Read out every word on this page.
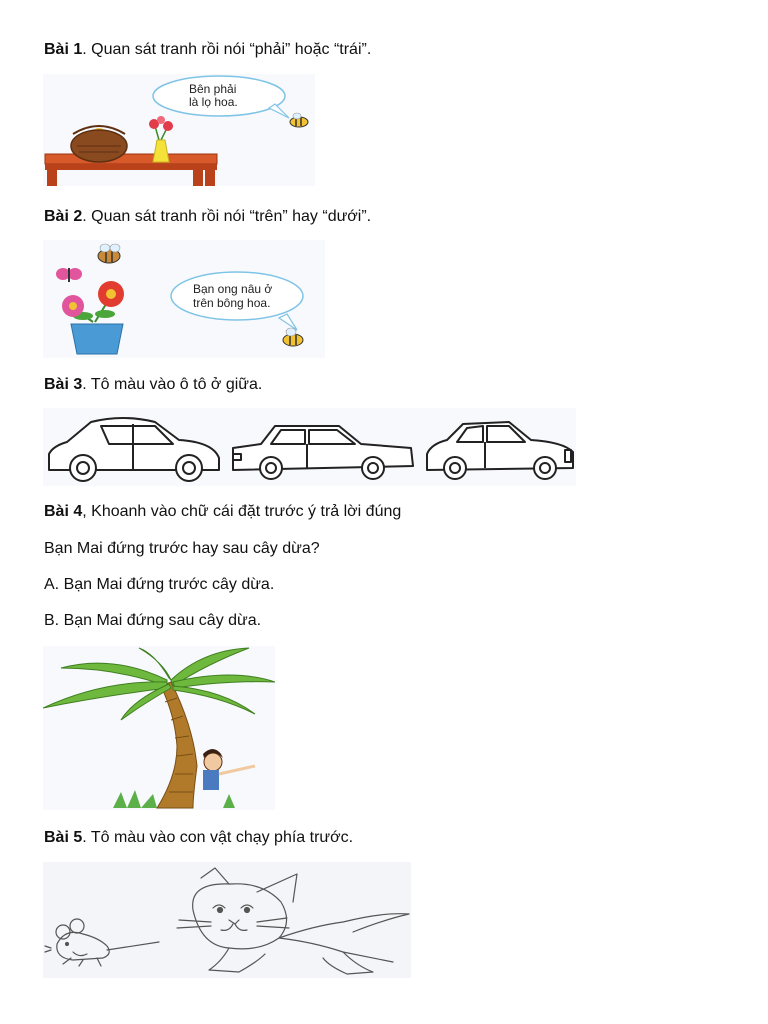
Bài 1. Quan sát tranh rồi nói “phải” hoặc “trái”.
Bên phải
là lọ hoa.
Bài 2. Quan sát tranh rồi nói “trên” hay “dưới”.
Bạn ong nâu ở
trên bông hoa.
Bài 3. Tô màu vào ô tô ở giữa.
Bài 4, Khoanh vào chữ cái đặt trước ý trả lời đúng
Bạn Mai đứng trước hay sau cây dừa?
A. Bạn Mai đứng trước cây dừa.
B. Bạn Mai đứng sau cây dừa.
Bài 5. Tô màu vào con vật chạy phía trước.
